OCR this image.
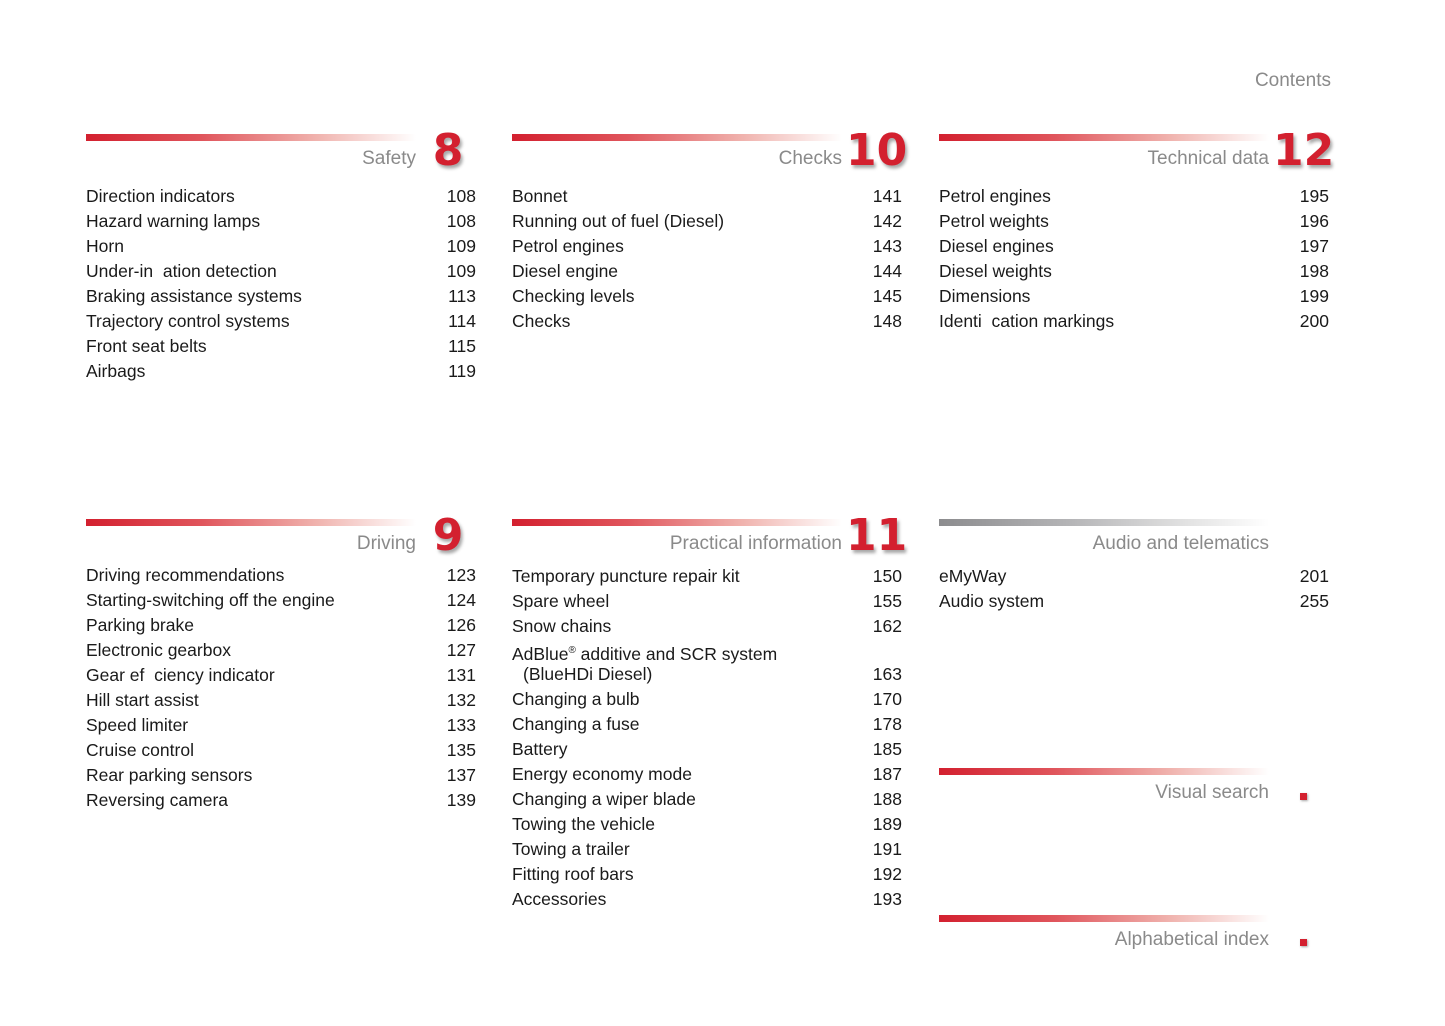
Contents
Safety 8
Direction indicators	108
Hazard warning lamps	108
Horn	109
Under-in  ation detection	109
Braking assistance systems	113
Trajectory control systems	114
Front seat belts	115
Airbags	119
Checks 10
Bonnet	141
Running out of fuel (Diesel)	142
Petrol engines	143
Diesel engine	144
Checking levels	145
Checks	148
Technical data 12
Petrol engines	195
Petrol weights	196
Diesel engines	197
Diesel weights	198
Dimensions	199
Identi  cation markings	200
Driving 9
Driving recommendations	123
Starting-switching off the engine	124
Parking brake	126
Electronic gearbox	127
Gear ef  ciency indicator	131
Hill start assist	132
Speed limiter	133
Cruise control	135
Rear parking sensors	137
Reversing camera	139
Practical information 11
Temporary puncture repair kit	150
Spare wheel	155
Snow chains	162
AdBlue® additive and SCR system
(BlueHDi Diesel)	163
Changing a bulb	170
Changing a fuse	178
Battery	185
Energy economy mode	187
Changing a wiper blade	188
Towing the vehicle	189
Towing a trailer	191
Fitting roof bars	192
Accessories	193
Audio and telematics
eMyWay	201
Audio system	255
Visual search
Alphabetical index
